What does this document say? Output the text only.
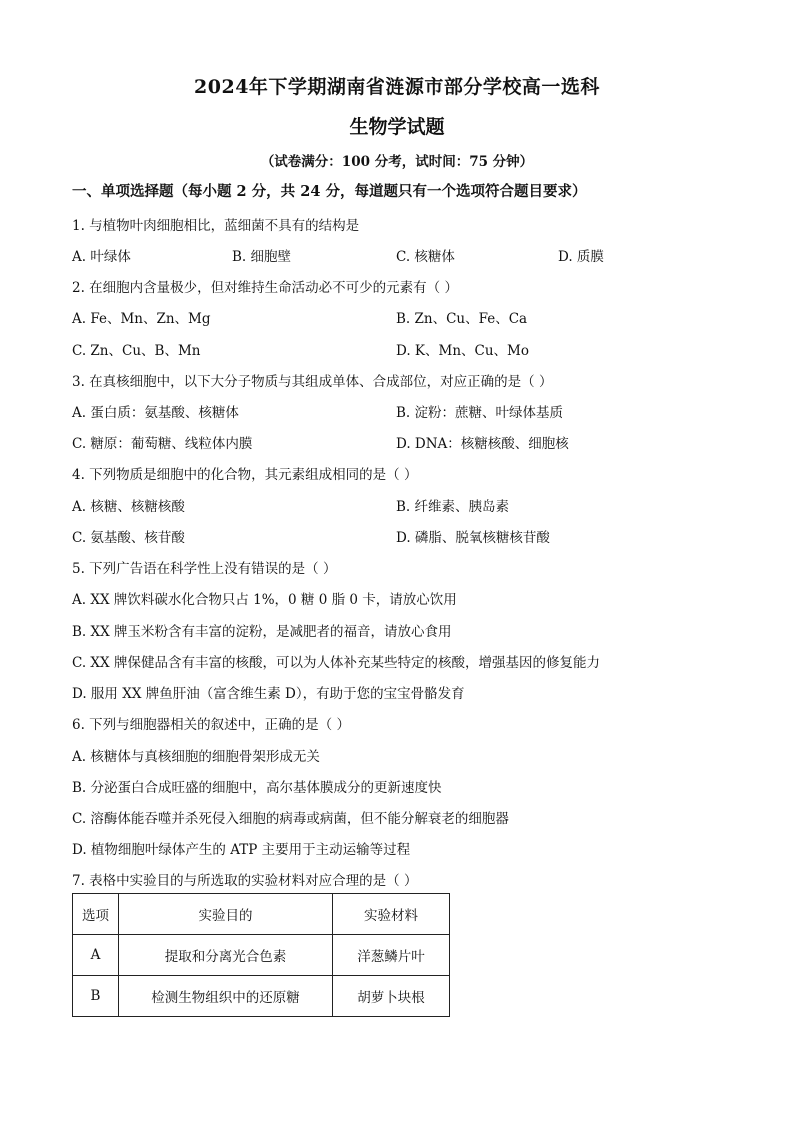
2024年下学期湖南省涟源市部分学校高一选科
生物学试题
（试卷满分：100 分考，试时间：75 分钟）
一、单项选择题（每小题 2 分，共 24 分，每道题只有一个选项符合题目要求）
1. 与植物叶肉细胞相比，蓝细菌不具有的结构是
A. 叶绿体	B. 细胞壁	C. 核糖体	D. 质膜
2. 在细胞内含量极少，但对维持生命活动必不可少的元素有（ ）
A. Fe、Mn、Zn、Mg	B. Zn、Cu、Fe、Ca
C. Zn、Cu、B、Mn	D. K、Mn、Cu、Mo
3. 在真核细胞中，以下大分子物质与其组成单体、合成部位，对应正确的是（ ）
A. 蛋白质：氨基酸、核糖体	B. 淀粉：蔗糖、叶绿体基质
C. 糖原：葡萄糖、线粒体内膜	D. DNA：核糖核酸、细胞核
4. 下列物质是细胞中的化合物，其元素组成相同的是（ ）
A. 核糖、核糖核酸	B. 纤维素、胰岛素
C. 氨基酸、核苷酸	D. 磷脂、脱氧核糖核苷酸
5. 下列广告语在科学性上没有错误的是（ ）
A. XX 牌饮料碳水化合物只占 1%，0 糖 0 脂 0 卡，请放心饮用
B. XX 牌玉米粉含有丰富的淀粉，是减肥者的福音，请放心食用
C. XX 牌保健品含有丰富的核酸，可以为人体补充某些特定的核酸，增强基因的修复能力
D. 服用 XX 牌鱼肝油（富含维生素 D），有助于您的宝宝骨骼发育
6. 下列与细胞器相关的叙述中，正确的是（ ）
A. 核糖体与真核细胞的细胞骨架形成无关
B. 分泌蛋白合成旺盛的细胞中，高尔基体膜成分的更新速度快
C. 溶酶体能吞噬并杀死侵入细胞的病毒或病菌，但不能分解衰老的细胞器
D. 植物细胞叶绿体产生的 ATP 主要用于主动运输等过程
7. 表格中实验目的与所选取的实验材料对应合理的是（ ）
选项	实验目的	实验材料
A	提取和分离光合色素	洋葱鳞片叶
B	检测生物组织中的还原糖	胡萝卜块根
